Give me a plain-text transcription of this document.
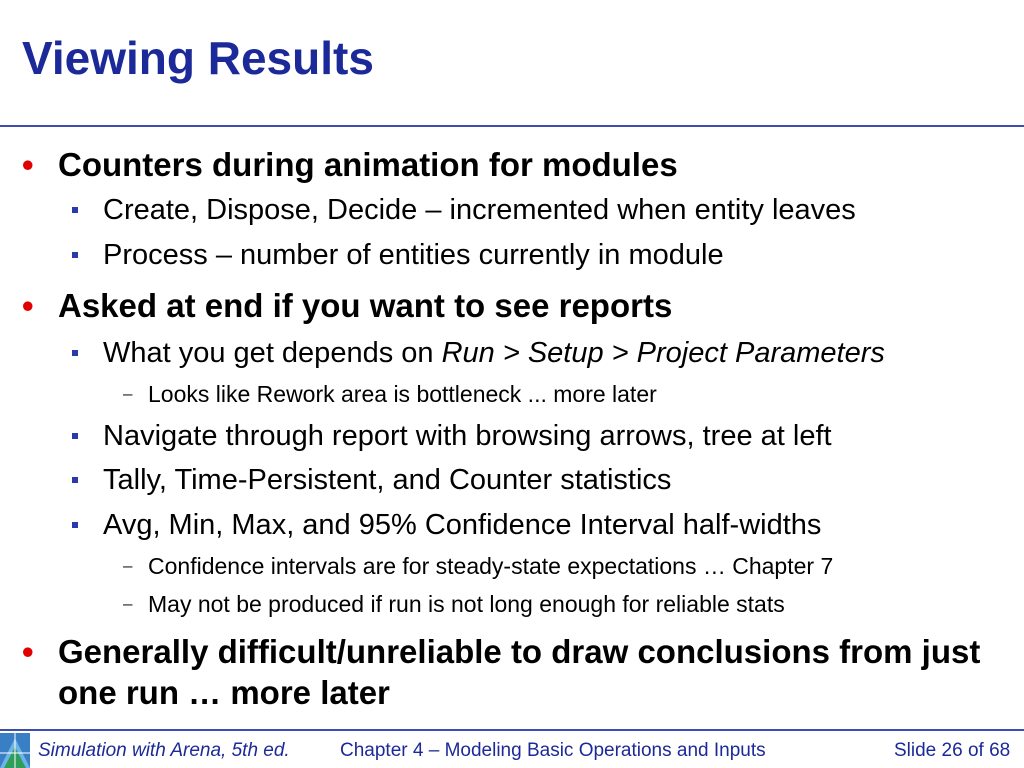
Viewing Results
• Counters during animation for modules
Create, Dispose, Decide – incremented when entity leaves
Process – number of entities currently in module
• Asked at end if you want to see reports
What you get depends on Run > Setup > Project Parameters
– Looks like Rework area is bottleneck ... more later
Navigate through report with browsing arrows, tree at left
Tally, Time-Persistent, and Counter statistics
Avg, Min, Max, and 95% Confidence Interval half-widths
– Confidence intervals are for steady-state expectations … Chapter 7
– May not be produced if run is not long enough for reliable stats
• Generally difficult/unreliable to draw conclusions from just one run … more later
Simulation with Arena, 5th ed.	Chapter 4 – Modeling Basic Operations and Inputs	Slide 26 of 68
